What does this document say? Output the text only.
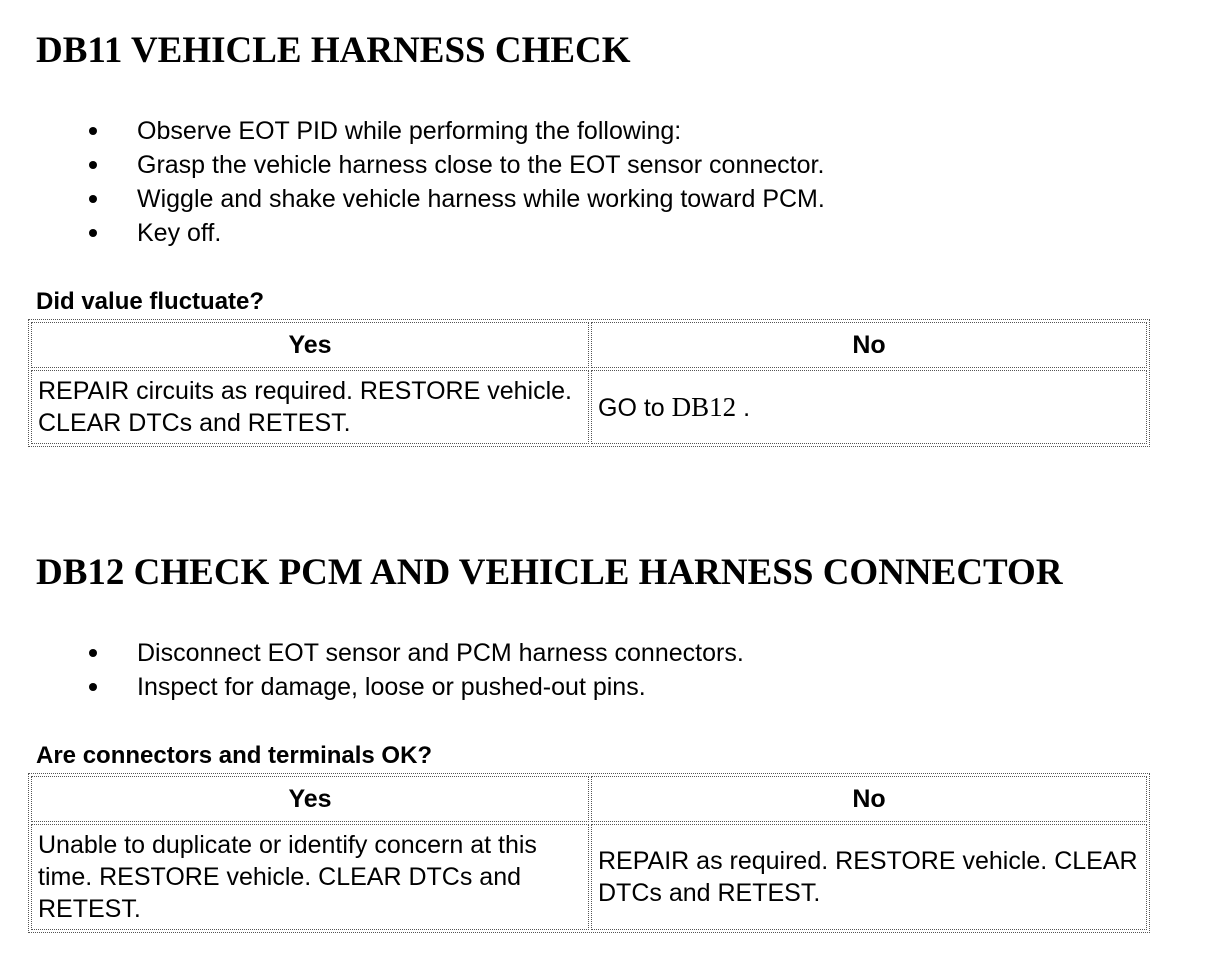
DB11 VEHICLE HARNESS CHECK
Observe EOT PID while performing the following:
Grasp the vehicle harness close to the EOT sensor connector.
Wiggle and shake vehicle harness while working toward PCM.
Key off.

Did value fluctuate?

Yes	No
REPAIR circuits as required. RESTORE vehicle. CLEAR DTCs and RETEST.	GO to DB12 .
DB12 CHECK PCM AND VEHICLE HARNESS CONNECTOR
Disconnect EOT sensor and PCM harness connectors.
Inspect for damage, loose or pushed-out pins.

Are connectors and terminals OK?

Yes	No
Unable to duplicate or identify concern at this time. RESTORE vehicle. CLEAR DTCs and RETEST.	REPAIR as required. RESTORE vehicle. CLEAR DTCs and RETEST.
